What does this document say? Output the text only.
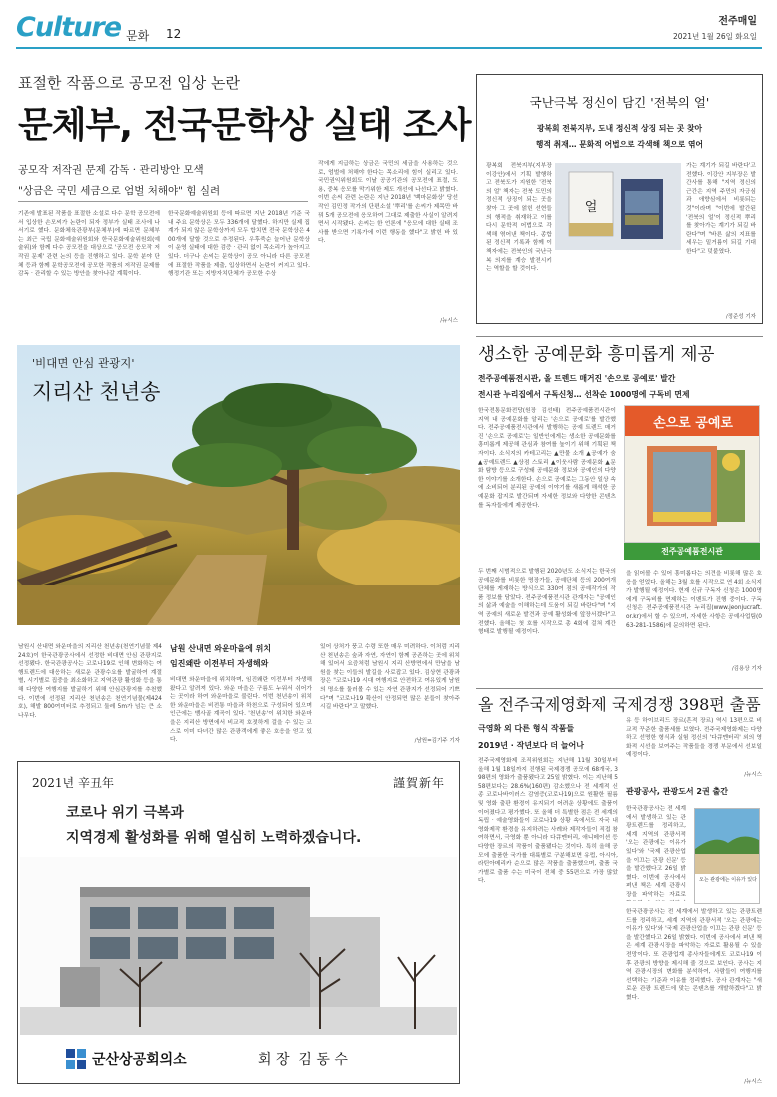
Culture 문화 12
전주매일
2021년 1월 26일 화요일
표절한 작품으로 공모전 입상 논란
문체부, 전국문학상 실태 조사
공모작 저작권 문제 감독 · 관리방안 모색
"상금은 국민 세금으로 엄벌 처해야" 힘 실려
기존에 발표된 작품을 표절한 소설로 다수 문학 공모전에서 입상한 손모씨가 논란이 되자 정부가 실태 조사에 나서기로 했다. 문화체육관광부(문체부)에 따르면 문체부는 최근 국립 문화예술위원회와 한국문화예술위원회(예술위)와 함께 다수 공모전을 대상으로 '공모전 응모작 저작권 문제' 관련 논의 등을 진행하고 있다. 문학 분야 단체 등과 함께 문학공모전에 공모한 작품의 저작권 문제를 감독 · 관리할 수 있는 방안을 찾아나갈 계획이다.
한국문화예술위원회 등에 따르면 지난 2018년 기준 국내 주요 문학상은 모두 336개에 달했다. 하지만 실제 집계가 되지 않은 문학상까지 모두 합치면 전국 문학상은 400개에 달할 것으로 추정된다. 우후죽순 늘어난 문학상이 운영 실태에 대한 검증 · 관리 없이 목소리가 높아지고 있다. 더구나 손씨는 문학상이 공모 아니라 다른 공모전에 표절한 작품을 제출, 입상하면서 논란이 커지고 있다. 행정기관 또는 지방자치단체가 공모한 수상
작에게 지급하는 상금은 국민의 세금을 사용하는 것으로, 엄벌에 처해야 한다는 목소리에 힘이 실리고 있다. 국민권익위원회도 이날 공공기관의 공모전에 표절, 도용, 중복 응모를 막기위한 제도 개선에 나선다고 밝혔다. 이번 손씨 관련 논란은 지난 2018년 '백마문화상' 당선작인 김민정 작가의 단편소설 '뿌리'를 손씨가 제목만 바꿔 5개 공모전에 응모하여 그대로 제출한 사실이 알려지면서 시작됐다. 손씨는 한 언론에 "응모에 대한 실태 조사를 받으면 기록가에 이런 행동을 했다"고 밝힌 바 있다.
/뉴시스
국난극복 정신이 담긴 '전북의 얼'
광복회 전북지부, 도내 정신적 상징 되는 곳 찾아
행적 취재… 문화적 어법으로 각색해 책으로 엮어
광복회 전북지부(지부장 이강안)에서 기획 발행하고 전북도가 지원한 '전북의 얼' 책자는 전북 도민의 정신적 상징이 되는 곳을 찾아 그 곳에 얽힌 선현들의 행적을 취재하고 이를 다시 문학적 어법으로 각색해 엮어낸 책이다. 종합된 정신적 기록과 함께 이 책자에는 전북인의 국난극복 의지를 계승 발전시키는 역할을 할 것이다.
얼
가는 계기가 되길 바란다'고 전했다. 이강안 지부장은 발간사를 통해 "지역 정신의 근간은 지역 주민의 자긍심과 애향심에서 비롯되는 것"이라며 "이번에 발간된 '전북의 얼'이 정신적 뿌리를 찾아가는 계기가 되길 바란다"며 "바른 삶의 지표를 세우는 밑거름이 되길 기대한다"고 덧붙였다.
/정준성 기자
'비대면 안심 관광지'
지리산 천년송
남원시 산내면 와운마을의 지리산 천년송(천연기념물 제424호)이 한국관광공사에서 선정한 비대면 안심 관광지로 선정됐다. 한국관광공사는 코로나19로 인해 변화하는 여행트렌드에 대응하는 새로운 관광수요를 발굴하여 계절별, 시기별로 집중을 최소화하고 지역관광 활성화 등을 통해 다양한 여행지를 발굴하기 위해 안심관광지를 추천했다. 이번에 선정된 지리산 천년송은 천연기념물(제424호), 해발 800여미터로 추정되고 둘레 5m가 넘는 큰 소나무다.
남원 산내면 와운마을에 위치
임진왜란 이전부터 자생해와
비대면 와운마을에 위치하며, 임진왜란 이전부터 자생해 왔다고 알려져 있다. 와운 마을은 구름도 누워서 쉬어가는 곳이라 하여 와운마을로 불린다. 이번 천년송이 위치한 와운마을은 비전통 마을과 하천으로 구성되어 있으며 인근에는 뱀사골 계곡이 있다. '천년송'이 위치한 와운마을은 지리산 방면에서 비교적 호젓하게 걸을 수 있는 코스로 이미 다녀간 많은 관광객에게 좋은 호응을 얻고 있다.
있어 상처가 풍고 수령 또한 매우 미려하다. 이처럼 지리산 천년송은 숲과 자연, 자연이 함께 공존하는 곳에 위치해 있어서 요즘처럼 남원시 지리 산방면에서 만남을 남원을 찾는 이들의 발길을 사로잡고 있다. 김상현 관광과장은 "코로나19 시대 여행지로 안전하고 여유있게 남원의 명소를 둘러볼 수 있는 자연 관광지가 선정되어 기쁘다"며 "코로나19 확산이 안정되면 많은 분들이 찾아주시길 바란다"고 말했다.
/남원=김기주 기자
생소한 공예문화 흥미롭게 제공
전주공예품전시관, 올 트렌드 매거진 '손으로 공예로' 발간
전시관 누리집에서 구독신청… 선착순 1000명에 구독비 면제
한국전통문화전당(원장 김선태) 전주공예품전시관이 지역 내 공예문화를 알리는 '손으로 공예로'를 발간했다. 전주공예품전시관에서 발행하는 공예 트렌드 매거진 '손으로 공예로'는 일반인에게는 생소한 공예문화를 흥미롭게 제공해 관심과 참여를 높이기 위해 기획된 책자이다. 소식지의 카테고리는 ▲만물 소개 ▲공예가 숨 ▲공예트렌드 ▲상점 스토리 ▲이웃사람 공예문화 ▲문화 탐방 등으로 구성돼 공예문화 정보와 공예인의 다양한 이야기를 소개한다. 손으로 공예로는 그동안 일상 속에 소비되어 분리된 공예의 이야기를 새롭게 해석한 공예문화 잡지로 발간되며 자세한 정보와 다양한 콘텐츠를 독자들에게 제공한다.
손으로 공예로
전주공예품전시관
두 번째 시범적으로 발행된 2020년도 소식지는 한국의 공예문화를 비롯한 명장가들, 공예단체 등의 200여개 단체를 게재하는 방식으로 330여 점의 공예작가의 작품 정보를 담았다. 전주공예품전시관 관계자는 "공예인의 삶과 예술을 이해하는데 도움이 되길 바란다"며 "지역 공예의 새로운 발견과 공예 활성화에 앞장서겠다"고 전했다. 올해는 첫 호를 시작으로 총 4회에 걸쳐 계간 형태로 발행될 예정이다.
을 읽어볼 수 있어 흥미롭다는 의견을 비롯해 많은 호응을 얻었다. 올해는 3월 호를 시작으로 연 4회 소식지가 발행될 예정이다. 현재 신규 구독자 신청은 1000명에게 구독비를 면제하는 이벤트가 진행 중이다. 구독신청은 전주공예품전시관 누리집(www.jeonjucraft.or.kr)에서 할 수 있으며, 자세한 사항은 공예사업팀(063-281-1586)에 문의하면 된다.
/김용상 기자
올 전주국제영화제 국제경쟁 398편 출품
극영화 외 다른 형식 작품들
2019년 · 작년보다 더 늘어나
전주국제영화제 조직위원회는 지난해 11월 30일부터 올해 1월 18일까지 진행된 국제경쟁 공모에 68개국, 398편의 영화가 출품됐다고 25일 밝혔다. 이는 지난해 558편보다는 28.6%(160편) 감소했으나 전 세계적 신종 코로나바이러스 감염증(코로나19)으로 원활한 필름 및 영화 출판 환경이 유지되기 어려운 상황에도 출품이 이어졌다고 평가했다. 또 올해 더 특별한 점은 전 세계의 독립 · 예술영화들이 코로나19 상황 속에서도 자국 내 영화제작 환경을 유지하려는 사례와 제작자들이 직접 참여하면서, 극영화 뿐 아니라 다큐멘터리, 애니메이션 등 다양한 장르의 작품이 출품됐다는 것이다. 특히 올해 공모에 출품한 국가를 대륙별로 구분해보면 유럽, 아시아, 라틴아메리카 순으로 많은 작품을 출품했으며, 출품 국가별로 출품 수는 미국이 전체 중 55편으로 가장 많았다.
유 등 하이브리드 장르(흔적 장르) 역시 13편으로 비교적 꾸준한 출품세를 보였다. 전주국제영화제는 다양하고 선명한 형식과 실험 정신의 '다큐멘터리' 외의 영화적 시선을 보여주는 작품들을 경쟁 부문에서 선보일 예정이다.
/뉴시스
관광공사, 관광도서 2권 출간
한국관광공사는 전 세계에서 발생하고 있는 관광트렌드를 정리하고, 세계 지역의 관광서적 '오는 관광에는 이유가 있다'와 '국제 관광산업을 이끄는 관광 신문' 등을 발간했다고 26일 밝혔다. 이번에 공사에서 펴낸 책은 세계 관광시장을 파악하는 자료로
오는 관광에는 이유가 있다
한국관광공사는 전 세계에서 발생하고 있는 관광트렌드를 정리하고, 세계 지역의 관광서적 '오는 관광에는 이유가 있다'와 '국제 관광산업을 이끄는 관광 신문' 등을 발간했다고 26일 밝혔다. 이번에 공사에서 펴낸 책은 세계 관광시장을 파악하는 자료로 활용될 수 있을 전망이다. 또 관광업계 종사자들에게도 코로나19 이후 관광의 방향을 제시해 줄 것으로 보인다. 공사는 지역 관광시장의 변화를 분석하여, 사람들이 여행지를 선택하는 기준과 이유를 정리했다. 공사 관계자는 "새로운 관광 트렌드에 맞는 콘텐츠를 개발하겠다"고 밝혔다.
/뉴시스
2021년 辛丑年	謹賀新年
코로나 위기 극복과
지역경제 활성화를 위해 열심히 노력하겠습니다.
군산상공회의소	회 장  김 동 수
